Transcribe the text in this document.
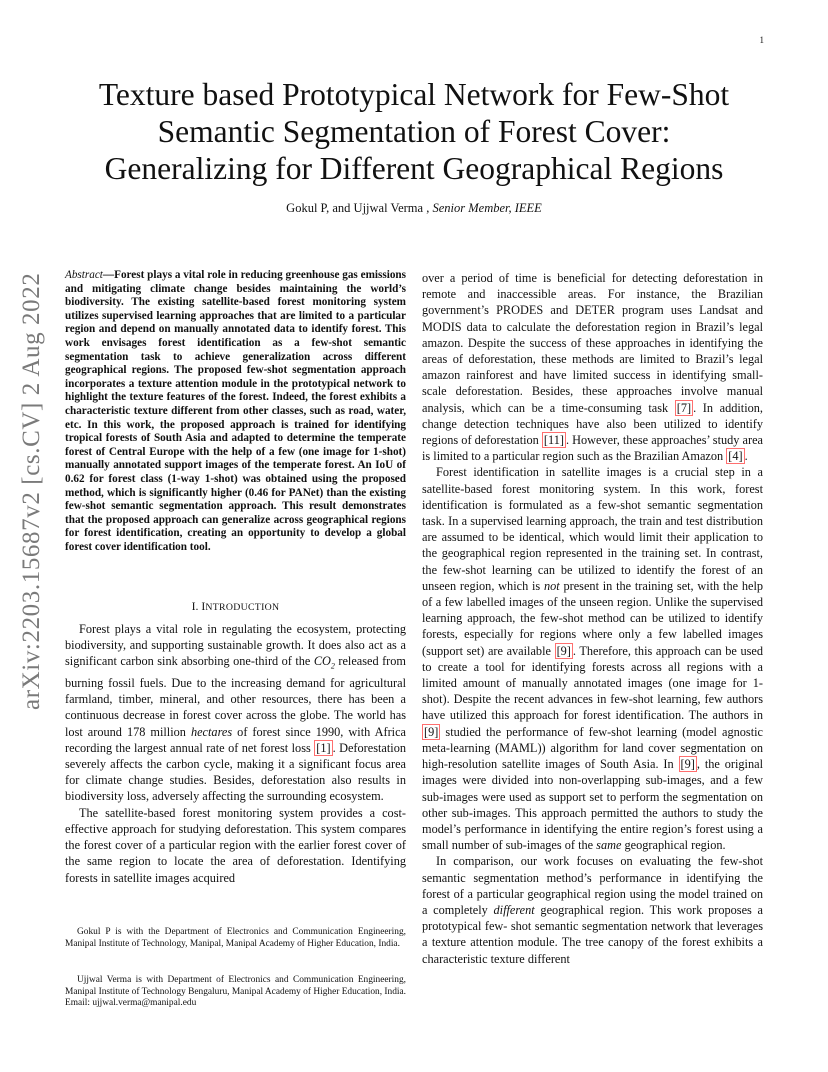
1
arXiv:2203.15687v2 [cs.CV] 2 Aug 2022
Texture based Prototypical Network for Few-Shot
Semantic Segmentation of Forest Cover:
Generalizing for Different Geographical Regions
Gokul P, and Ujjwal Verma , Senior Member, IEEE
Abstract—Forest plays a vital role in reducing greenhouse gas emissions and mitigating climate change besides maintaining the world’s biodiversity. The existing satellite-based forest monitoring system utilizes supervised learning approaches that are limited to a particular region and depend on manually annotated data to identify forest. This work envisages forest identification as a few-shot semantic segmentation task to achieve generalization across different geographical regions. The proposed few-shot segmentation approach incorporates a texture attention module in the prototypical network to highlight the texture features of the forest. Indeed, the forest exhibits a characteristic texture different from other classes, such as road, water, etc. In this work, the proposed approach is trained for identifying tropical forests of South Asia and adapted to determine the temperate forest of Central Europe with the help of a few (one image for 1-shot) manually annotated support images of the temperate forest. An IoU of 0.62 for forest class (1-way 1-shot) was obtained using the proposed method, which is significantly higher (0.46 for PANet) than the existing few-shot semantic segmentation approach. This result demonstrates that the proposed approach can generalize across geographical regions for forest identification, creating an opportunity to develop a global forest cover identification tool.
I. INTRODUCTION

Forest plays a vital role in regulating the ecosystem, protecting biodiversity, and supporting sustainable growth. It does also act as a significant carbon sink absorbing one-third of the $CO_2$ released from burning fossil fuels. Due to the increasing demand for agricultural farmland, timber, mineral, and other resources, there has been a continuous decrease in forest cover across the globe. The world has lost around 178 million hectares of forest since 1990, with Africa recording the largest annual rate of net forest loss [1] . Deforestation severely affects the carbon cycle, making it a significant focus area for climate change studies. Besides, deforestation also results in biodiversity loss, adversely affecting the surrounding ecosystem.

The satellite-based forest monitoring system provides a cost-effective approach for studying deforestation. This system compares the forest cover of a particular region with the earlier forest cover of the same region to locate the area of deforestation. Identifying forests in satellite images acquired

Gokul P is with the Department of Electronics and Communication Engineering, Manipal Institute of Technology, Manipal, Manipal Academy of Higher Education, India.

Ujjwal Verma is with Department of Electronics and Communication Engineering, Manipal Institute of Technology Bengaluru, Manipal Academy of Higher Education, India. Email: ujjwal.verma@manipal.edu

over a period of time is beneficial for detecting deforestation in remote and inaccessible areas. For instance, the Brazilian government’s PRODES and DETER program uses Landsat and MODIS data to calculate the deforestation region in Brazil’s legal amazon. Despite the success of these approaches in identifying the areas of deforestation, these methods are limited to Brazil’s legal amazon rainforest and have limited success in identifying small-scale deforestation. Besides, these approaches involve manual analysis, which can be a time-consuming task [7] . In addition, change detection techniques have also been utilized to identify regions of deforestation [11] . However, these approaches’ study area is limited to a particular region such as the Brazilian Amazon [4] .

Forest identification in satellite images is a crucial step in a satellite-based forest monitoring system. In this work, forest identification is formulated as a few-shot semantic segmentation task. In a supervised learning approach, the train and test distribution are assumed to be identical, which would limit their application to the geographical region represented in the training set. In contrast, the few-shot learning can be utilized to identify the forest of an unseen region, which is not present in the training set, with the help of a few labelled images of the unseen region. Unlike the supervised learning approach, the few-shot method can be utilized to identify forests, especially for regions where only a few labelled images (support set) are available [9] . Therefore, this approach can be used to create a tool for identifying forests across all regions with a limited amount of manually annotated images (one image for 1-shot). Despite the recent advances in few-shot learning, few authors have utilized this approach for forest identification. The authors in [9] studied the performance of few-shot learning (model agnostic meta-learning (MAML)) algorithm for land cover segmentation on high-resolution satellite images of South Asia. In [9] , the original images were divided into non-overlapping sub-images, and a few sub-images were used as support set to perform the segmentation on other sub-images. This approach permitted the authors to study the model’s performance in identifying the entire region’s forest using a small number of sub-images of the same geographical region.

In comparison, our work focuses on evaluating the few-shot semantic segmentation method’s performance in identifying the forest of a particular geographical region using the model trained on a completely different geographical region. This work proposes a prototypical few- shot semantic segmentation network that leverages a texture attention module. The tree canopy of the forest exhibits a characteristic texture different
